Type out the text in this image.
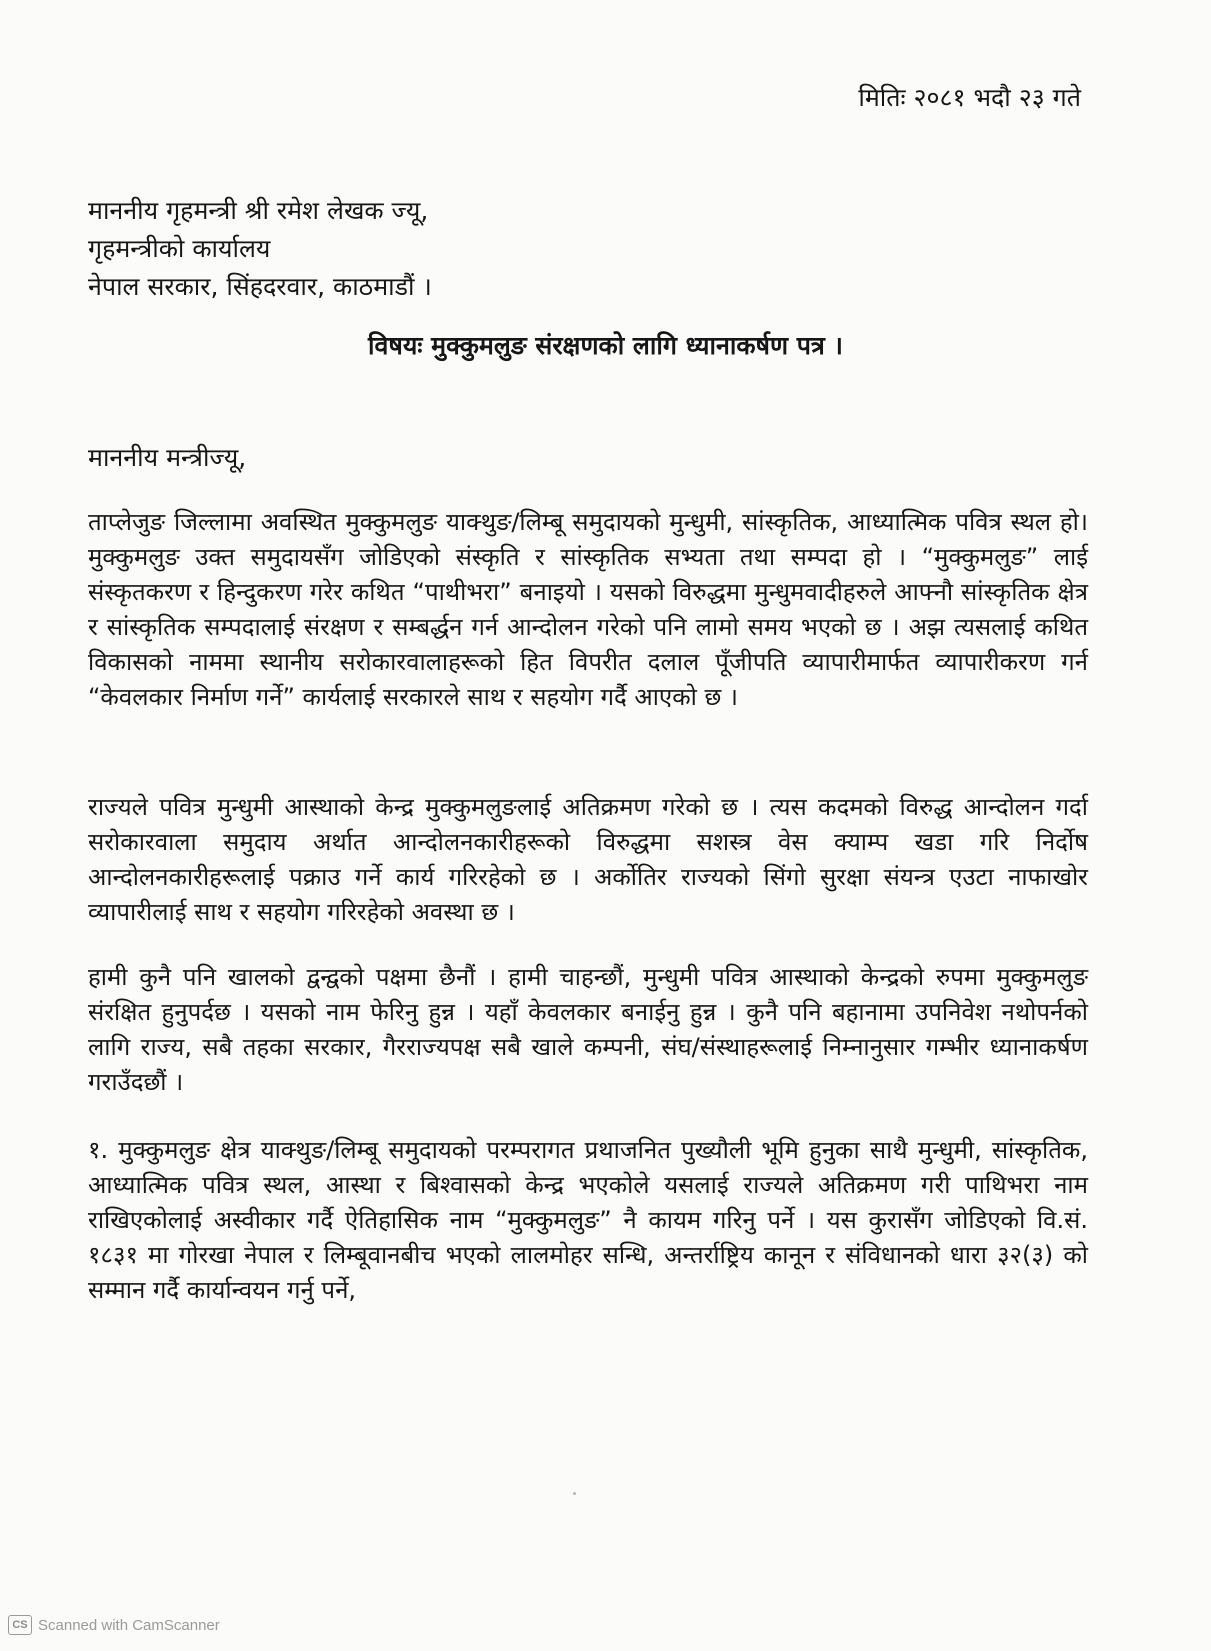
मितिः २०८१ भदौ २३ गते
माननीय गृहमन्त्री श्री रमेश लेखक ज्यू,
गृहमन्त्रीको कार्यालय
नेपाल सरकार, सिंहदरवार, काठमाडौं ।
विषयः मुक्कुमलुङ संरक्षणको लागि ध्यानाकर्षण पत्र ।
माननीय मन्त्रीज्यू,

ताप्लेजुङ जिल्लामा अवस्थित मुक्कुमलुङ याक्थुङ/लिम्बू समुदायको मुन्धुमी, सांस्कृतिक, आध्यात्मिक पवित्र स्थल हो। मुक्कुमलुङ उक्त समुदायसँग जोडिएको संस्कृति र सांस्कृतिक सभ्यता तथा सम्पदा हो । “मुक्कुमलुङ” लाई संस्कृतकरण र हिन्दुकरण गरेर कथित “पाथीभरा” बनाइयो । यसको विरुद्धमा मुन्धुमवादीहरुले आफ्नौ सांस्कृतिक क्षेत्र र सांस्कृतिक सम्पदालाई संरक्षण र सम्बर्द्धन गर्न आन्दोलन गरेको पनि लामो समय भएको छ । अझ त्यसलाई कथित विकासको नाममा स्थानीय सरोकारवालाहरूको हित विपरीत दलाल पूँजीपति व्यापारीमार्फत व्यापारीकरण गर्न “केवलकार निर्माण गर्ने” कार्यलाई सरकारले साथ र सहयोग गर्दै आएको छ ।

राज्यले पवित्र मुन्धुमी आस्थाको केन्द्र मुक्कुमलुङलाई अतिक्रमण गरेको छ । त्यस कदमको विरुद्ध आन्दोलन गर्दा सरोकारवाला समुदाय अर्थात आन्दोलनकारीहरूको विरुद्धमा सशस्त्र वेस क्याम्प खडा गरि निर्दोष आन्दोलनकारीहरूलाई पक्राउ गर्ने कार्य गरिरहेको छ । अर्कोतिर राज्यको सिंगो सुरक्षा संयन्त्र एउटा नाफाखोर व्यापारीलाई साथ र सहयोग गरिरहेको अवस्था छ ।

हामी कुनै पनि खालको द्वन्द्वको पक्षमा छैनौं । हामी चाहन्छौं, मुन्धुमी पवित्र आस्थाको केन्द्रको रुपमा मुक्कुमलुङ संरक्षित हुनुपर्दछ । यसको नाम फेरिनु हुन्न । यहाँ केवलकार बनाईनु हुन्न । कुनै पनि बहानामा उपनिवेश नथोपर्नको लागि राज्य, सबै तहका सरकार, गैरराज्यपक्ष सबै खाले कम्पनी, संघ/संस्थाहरूलाई निम्नानुसार गम्भीर ध्यानाकर्षण गराउँदछौं ।

१. मुक्कुमलुङ क्षेत्र याक्थुङ/लिम्बू समुदायको परम्परागत प्रथाजनित पुख्यौली भूमि हुनुका साथै मुन्धुमी, सांस्कृतिक, आध्यात्मिक पवित्र स्थल, आस्था र बिश्वासको केन्द्र भएकोले यसलाई राज्यले अतिक्रमण गरी पाथिभरा नाम राखिएकोलाई अस्वीकार गर्दै ऐतिहासिक नाम “मुक्कुमलुङ” नै कायम गरिनु पर्ने । यस कुरासँग जोडिएको वि.सं. १८३१ मा गोरखा नेपाल र लिम्बूवानबीच भएको लालमोहर सन्धि, अन्तर्राष्ट्रिय कानून र संविधानको धारा ३२(३) को सम्मान गर्दै कार्यान्वयन गर्नु पर्ने,

CS Scanned with CamScanner
